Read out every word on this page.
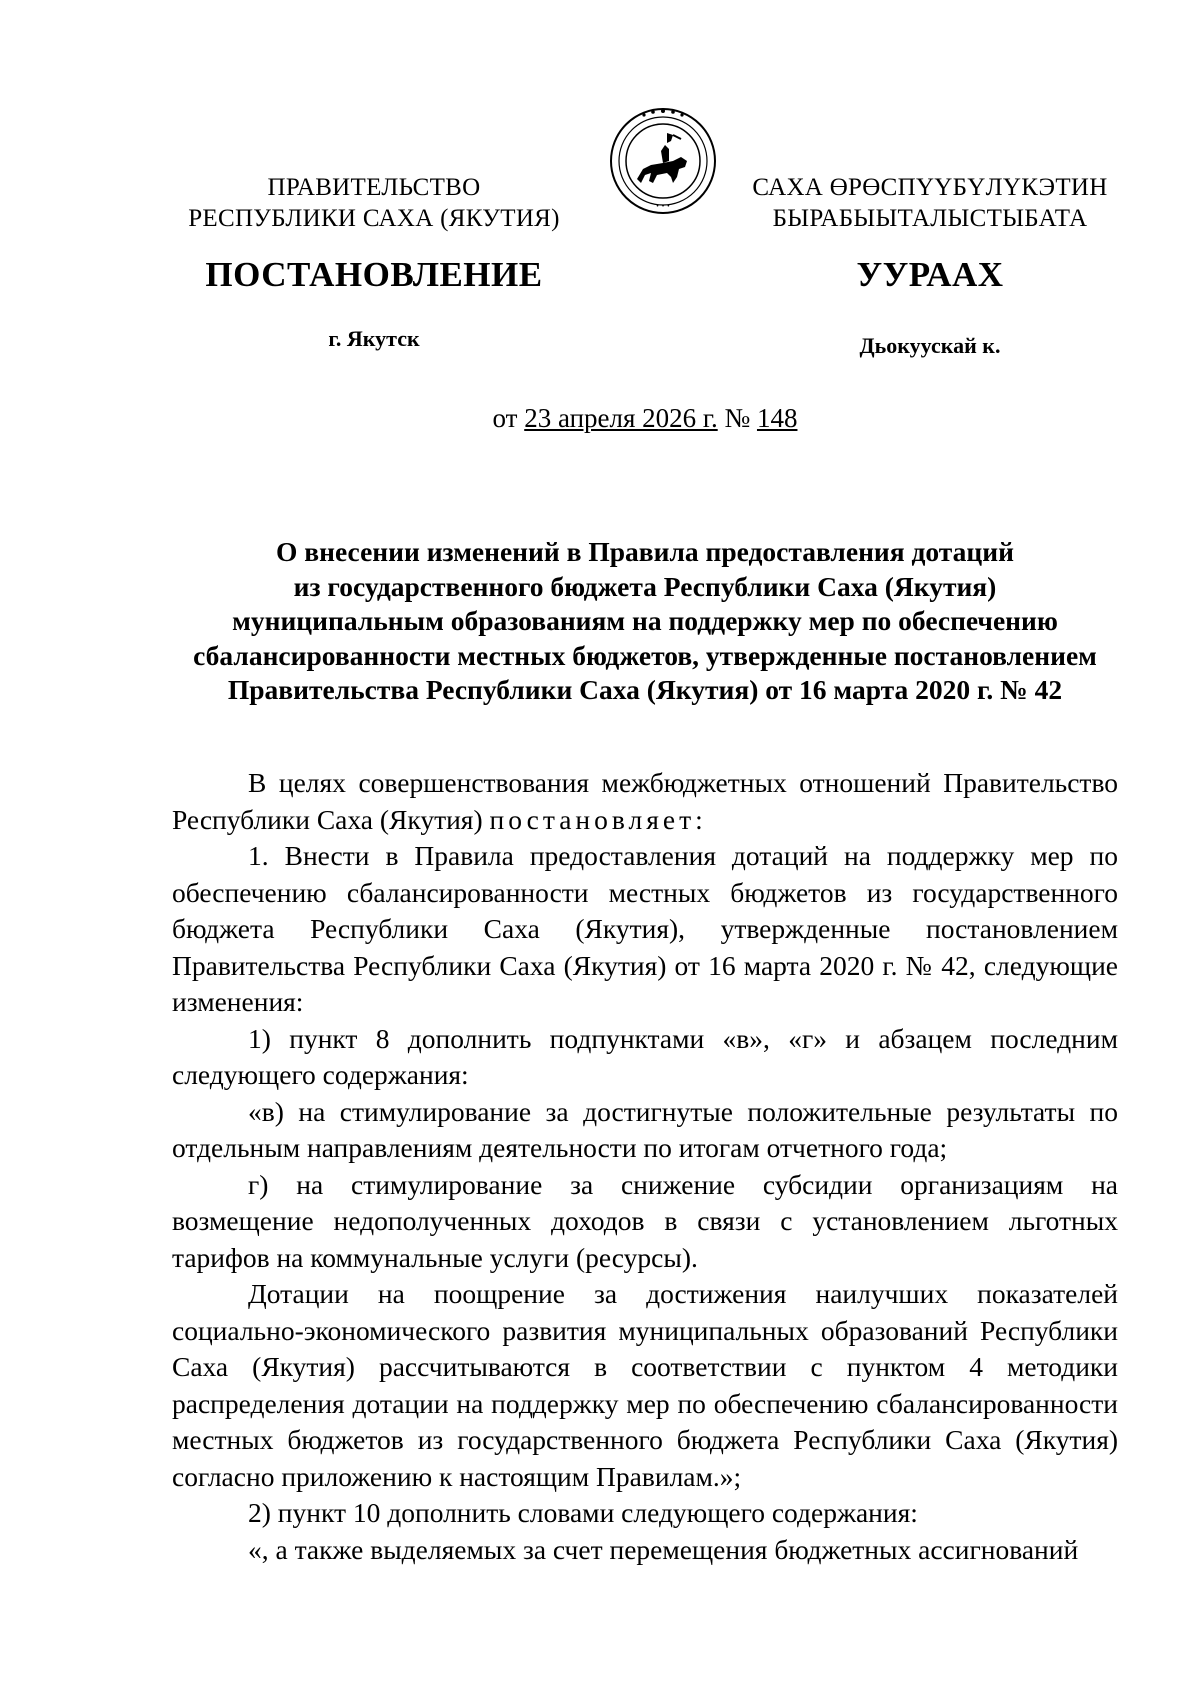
• • •
ПРАВИТЕЛЬСТВО
РЕСПУБЛИКИ САХА (ЯКУТИЯ)
САХА ӨРӨСПҮҮБҮЛҮКЭТИН
БЫРАБЫЫТАЛЫСТЫБАТА
ПОСТАНОВЛЕНИЕ	УУРААХ
г. Якутск	Дьокуускай к.
от 23 апреля 2026 г. № 148
О внесении изменений в Правила предоставления дотаций
из государственного бюджета Республики Саха (Якутия)
муниципальным образованиям на поддержку мер по обеспечению
сбалансированности местных бюджетов, утвержденные постановлением
Правительства Республики Саха (Якутия) от 16 марта 2020 г. № 42

В целях совершенствования межбюджетных отношений Правительство Республики Саха (Якутия) постановляет:

1. Внести в Правила предоставления дотаций на поддержку мер по обеспечению сбалансированности местных бюджетов из государственного бюджета Республики Саха (Якутия), утвержденные постановлением Правительства Республики Саха (Якутия) от 16 марта 2020 г. № 42, следующие изменения:

1) пункт 8 дополнить подпунктами «в», «г» и абзацем последним следующего содержания:

«в) на стимулирование за достигнутые положительные результаты по отдельным направлениям деятельности по итогам отчетного года;

г) на стимулирование за снижение субсидии организациям на возмещение недополученных доходов в связи с установлением льготных тарифов на коммунальные услуги (ресурсы).

Дотации на поощрение за достижения наилучших показателей социально-экономического развития муниципальных образований Республики Саха (Якутия) рассчитываются в соответствии с пунктом 4 методики распределения дотации на поддержку мер по обеспечению сбалансированности местных бюджетов из государственного бюджета Республики Саха (Якутия) согласно приложению к настоящим Правилам.»;

2) пункт 10 дополнить словами следующего содержания:

«, а также выделяемых за счет перемещения бюджетных ассигнований
